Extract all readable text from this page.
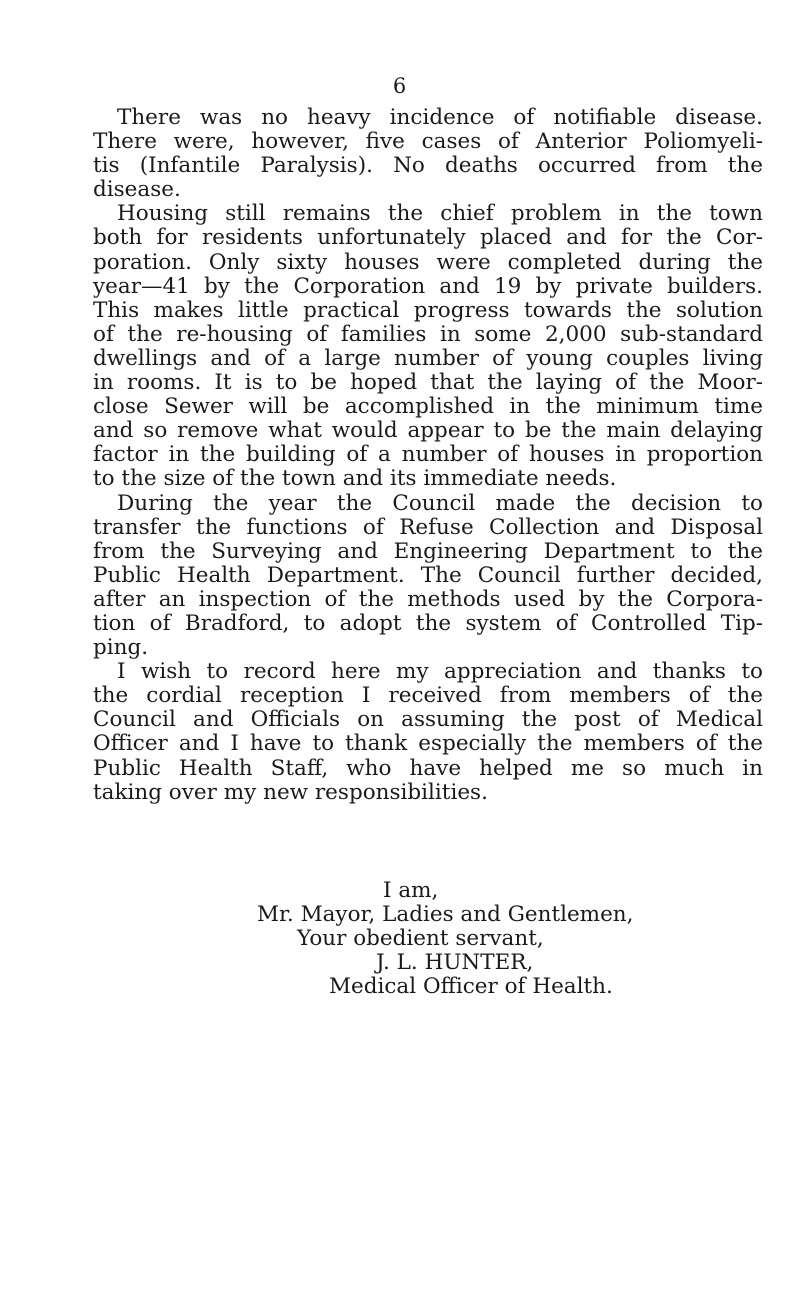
6
There was no heavy incidence of notifiable disease.
There were, however, five cases of Anterior Poliomyeli-
tis (Infantile Paralysis). No deaths occurred from the
disease.
Housing still remains the chief problem in the town
both for residents unfortunately placed and for the Cor-
poration. Only sixty houses were completed during the
year—41 by the Corporation and 19 by private builders.
This makes little practical progress towards the solution
of the re-housing of families in some 2,000 sub-standard
dwellings and of a large number of young couples living
in rooms. It is to be hoped that the laying of the Moor-
close Sewer will be accomplished in the minimum time
and so remove what would appear to be the main delaying
factor in the building of a number of houses in proportion
to the size of the town and its immediate needs.
During the year the Council made the decision to
transfer the functions of Refuse Collection and Disposal
from the Surveying and Engineering Department to the
Public Health Department. The Council further decided,
after an inspection of the methods used by the Corpora-
tion of Bradford, to adopt the system of Controlled Tip-
ping.
I wish to record here my appreciation and thanks to
the cordial reception I received from members of the
Council and Officials on assuming the post of Medical
Officer and I have to thank especially the members of the
Public Health Staff, who have helped me so much in
taking over my new responsibilities.
I am,
Mr. Mayor, Ladies and Gentlemen,
Your obedient servant,
J. L. HUNTER,
Medical Officer of Health.
